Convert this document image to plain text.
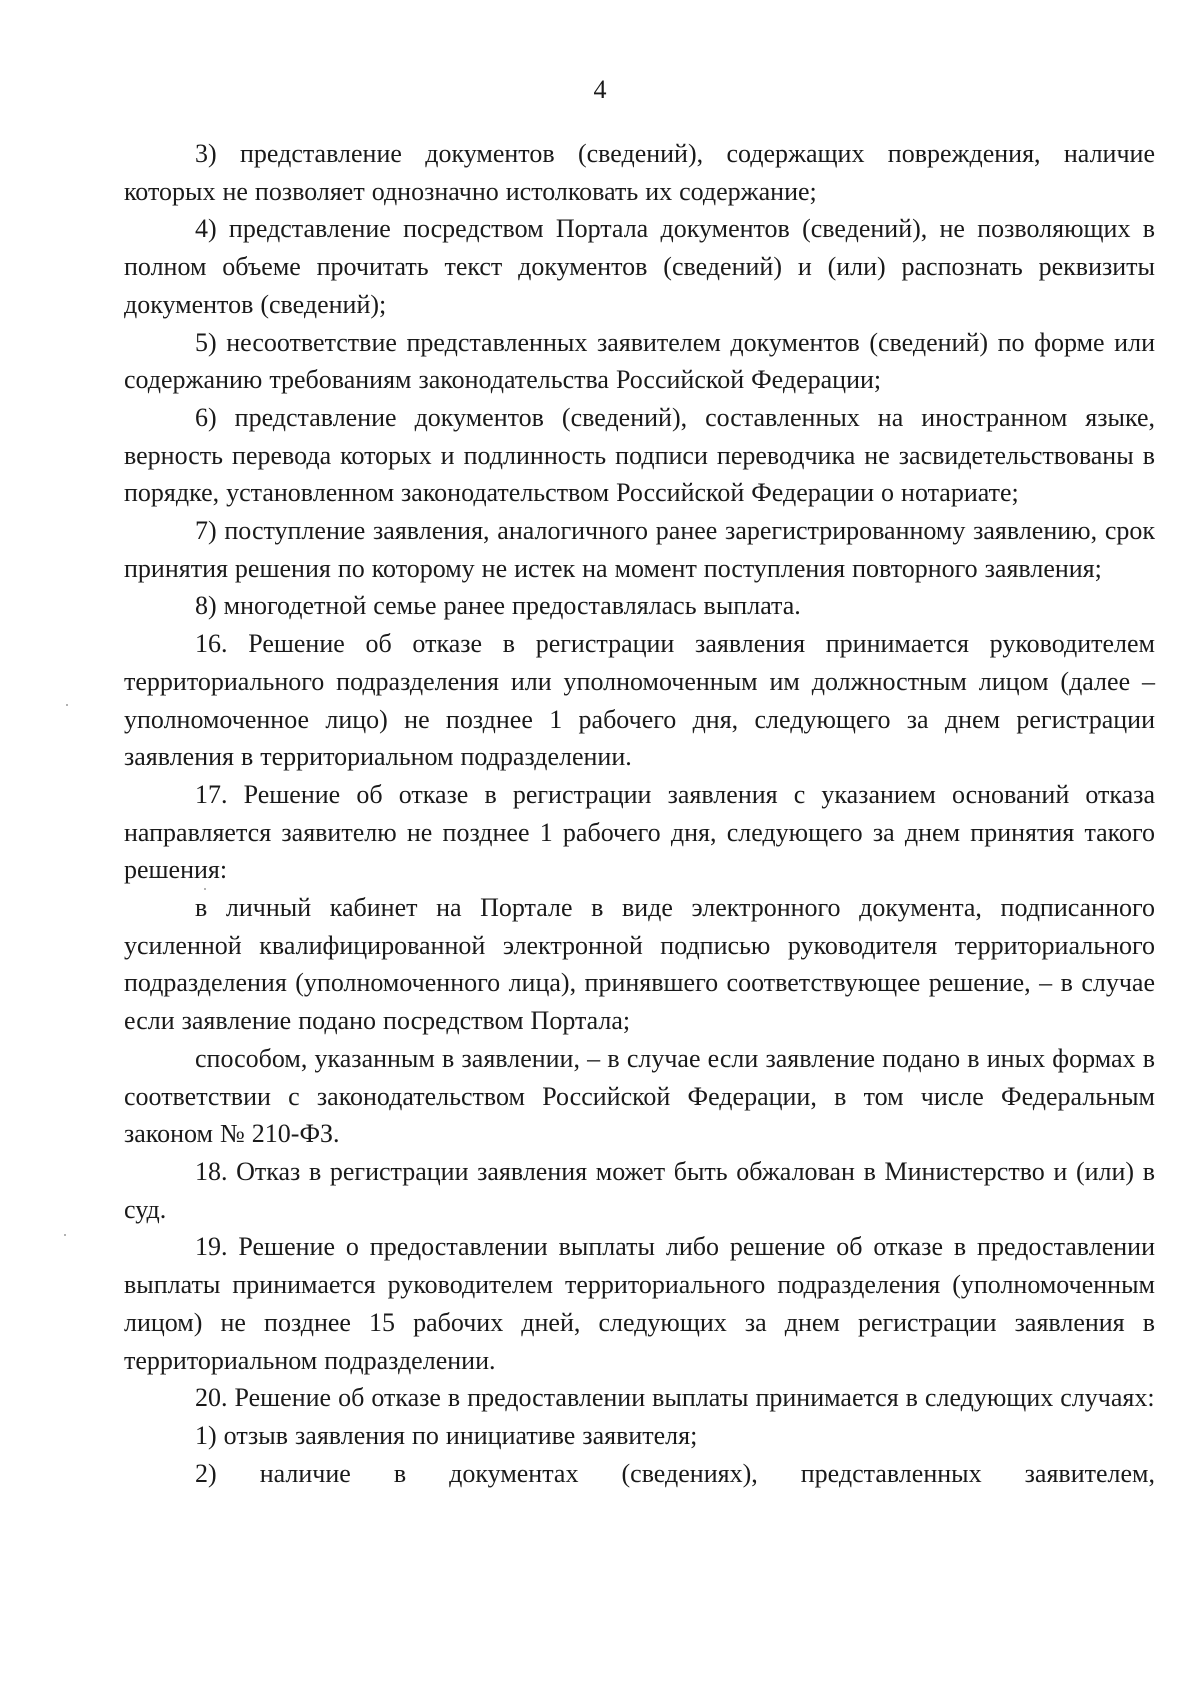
4

3) представление документов (сведений), содержащих повреждения, наличие которых не позволяет однозначно истолковать их содержание;

4) представление посредством Портала документов (сведений), не позволяющих в полном объеме прочитать текст документов (сведений) и (или) распознать реквизиты документов (сведений);

5) несоответствие представленных заявителем документов (сведений) по форме или содержанию требованиям законодательства Российской Федерации;

6) представление документов (сведений), составленных на иностранном языке, верность перевода которых и подлинность подписи переводчика не засвидетельствованы в порядке, установленном законодательством Российской Федерации о нотариате;

7) поступление заявления, аналогичного ранее зарегистрированному заявлению, срок принятия решения по которому не истек на момент поступления повторного заявления;

8) многодетной семье ранее предоставлялась выплата.

16. Решение об отказе в регистрации заявления принимается руководителем территориального подразделения или уполномоченным им должностным лицом (далее – уполномоченное лицо) не позднее 1 рабочего дня, следующего за днем регистрации заявления в территориальном подразделении.

17. Решение об отказе в регистрации заявления с указанием оснований отказа направляется заявителю не позднее 1 рабочего дня, следующего за днем принятия такого решения:

в личный кабинет на Портале в виде электронного документа, подписанного усиленной квалифицированной электронной подписью руководителя территориального подразделения (уполномоченного лица), принявшего соответствующее решение, – в случае если заявление подано посредством Портала;

способом, указанным в заявлении, – в случае если заявление подано в иных формах в соответствии с законодательством Российской Федерации, в том числе Федеральным законом № 210-ФЗ.

18. Отказ в регистрации заявления может быть обжалован в Министерство и (или) в суд.

19. Решение о предоставлении выплаты либо решение об отказе в предоставлении выплаты принимается руководителем территориального подразделения (уполномоченным лицом) не позднее 15 рабочих дней, следующих за днем регистрации заявления в территориальном подразделении.

20. Решение об отказе в предоставлении выплаты принимается в следующих случаях:

1) отзыв заявления по инициативе заявителя;

2) наличие в документах (сведениях), представленных заявителем,
